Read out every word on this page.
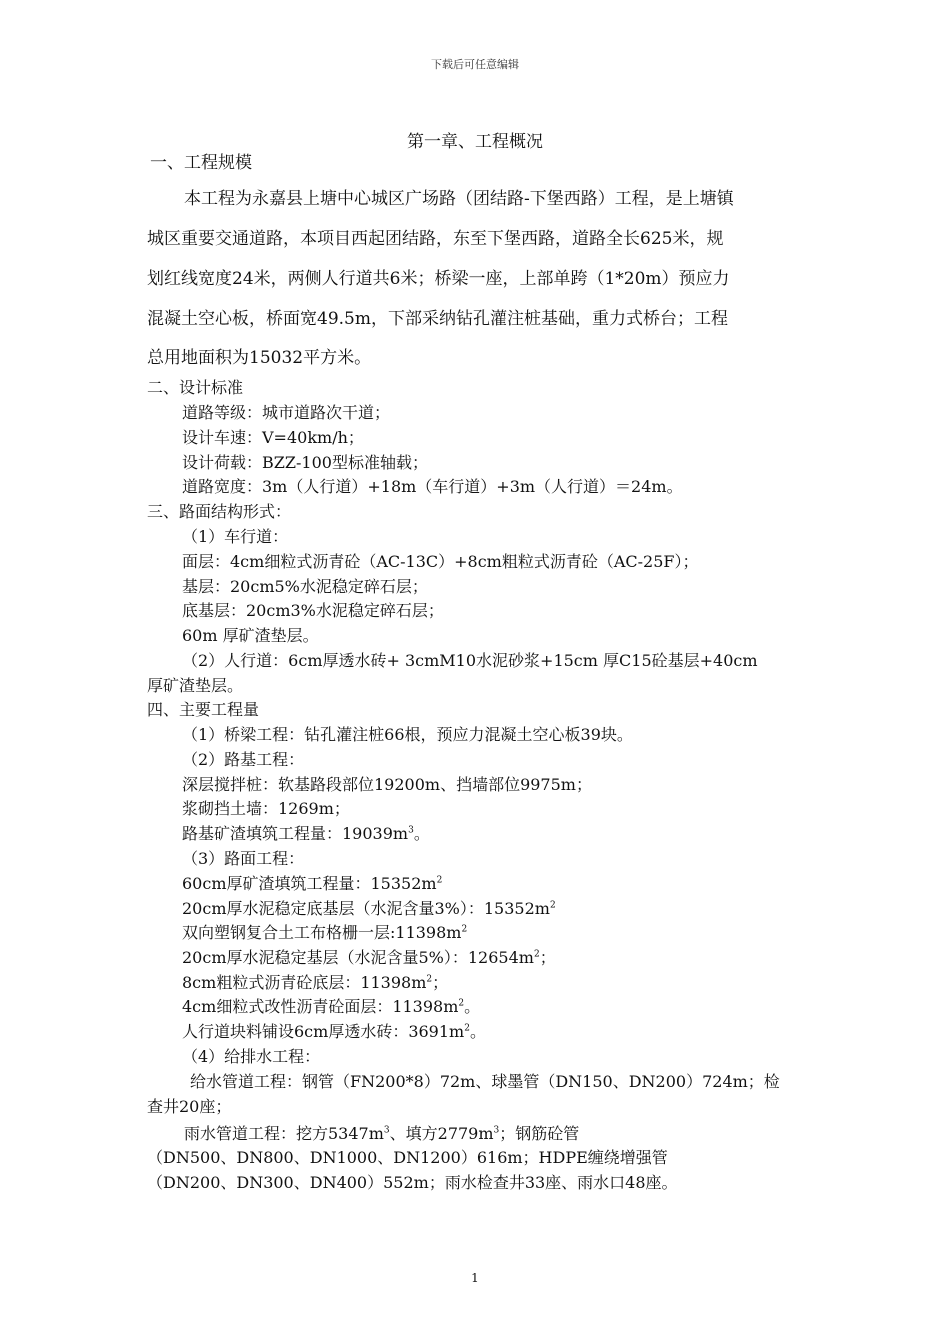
下载后可任意编辑
第一章、工程概况
一、工程规模
本工程为永嘉县上塘中心城区广场路（团结路-下堡西路）工程，是上塘镇
城区重要交通道路，本项目西起团结路，东至下堡西路，道路全长625米，规
划红线宽度24米，两侧人行道共6米；桥梁一座，上部单跨（1*20m）预应力
混凝土空心板，桥面宽49.5m，下部采纳钻孔灌注桩基础，重力式桥台；工程
总用地面积为15032平方米。
二、设计标准
道路等级：城市道路次干道；
设计车速：V=40km/h；
设计荷载：BZZ-100型标准轴载；
道路宽度：3m（人行道）+18m（车行道）+3m（人行道）＝24m。
三、路面结构形式：
（1）车行道：
面层：4cm细粒式沥青砼（AC-13C）+8cm粗粒式沥青砼（AC-25F）；
基层：20cm5%水泥稳定碎石层；
底基层：20cm3%水泥稳定碎石层；
60m 厚矿渣垫层。
（2）人行道：6cm厚透水砖+ 3cmM10水泥砂浆+15cm 厚C15砼基层+40cm
厚矿渣垫层。
四、主要工程量
（1）桥梁工程：钻孔灌注桩66根，预应力混凝土空心板39块。
（2）路基工程：
深层搅拌桩：软基路段部位19200m、挡墙部位9975m；
浆砌挡土墙：1269m；
路基矿渣填筑工程量：$19039m^3$。
（3）路面工程：
60cm厚矿渣填筑工程量：$15352m^2$
20cm厚水泥稳定底基层（水泥含量3%）：$15352m^2$
双向塑钢复合土工布格栅一层$:11398m^2$
20cm厚水泥稳定基层（水泥含量5%）：$12654m^2$；
8cm粗粒式沥青砼底层：$11398m^2$；
4cm细粒式改性沥青砼面层：$11398m^2$。
人行道块料铺设6cm厚透水砖：$3691m^2$。
（4）给排水工程：
给水管道工程：钢管（FN200*8）72m、球墨管（DN150、DN200）724m；检
查井20座；
雨水管道工程：挖方$5347m^3$、填方$2779m^3$；钢筋砼管
（DN500、DN800、DN1000、DN1200）616m；HDPE缠绕增强管
（DN200、DN300、DN400）552m；雨水检查井33座、雨水口48座。
1
